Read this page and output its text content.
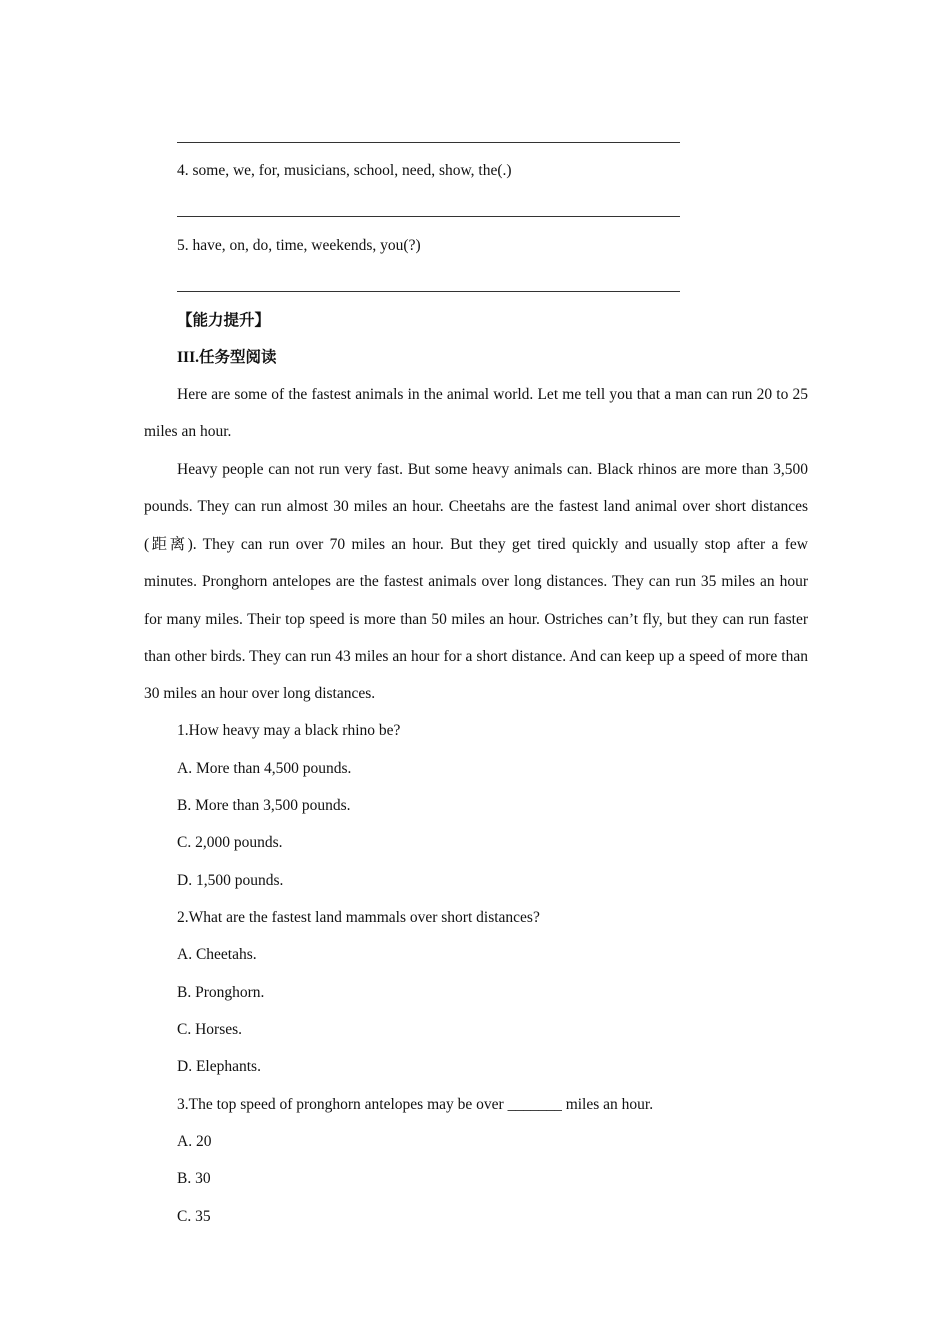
4. some, we, for, musicians, school, need, show, the(.)
5. have, on, do, time, weekends, you(?)
【能力提升】
III.任务型阅读
Here are some of the fastest animals in the animal world. Let me tell you that a man can run 20 to 25 miles an hour.
Heavy people can not run very fast. But some heavy animals can. Black rhinos are more than 3,500 pounds. They can run almost 30 miles an hour. Cheetahs are the fastest land animal over short distances (距离). They can run over 70 miles an hour. But they get tired quickly and usually stop after a few minutes. Pronghorn antelopes are the fastest animals over long distances. They can run 35 miles an hour for many miles. Their top speed is more than 50 miles an hour. Ostriches can’t fly, but they can run faster than other birds. They can run 43 miles an hour for a short distance. And can keep up a speed of more than 30 miles an hour over long distances.
1.How heavy may a black rhino be?
A. More than 4,500 pounds.
B. More than 3,500 pounds.
C. 2,000 pounds.
D. 1,500 pounds.
2.What are the fastest land mammals over short distances?
A. Cheetahs.
B. Pronghorn.
C. Horses.
D. Elephants.
3.The top speed of pronghorn antelopes may be over _______ miles an hour.
A. 20
B. 30
C. 35
